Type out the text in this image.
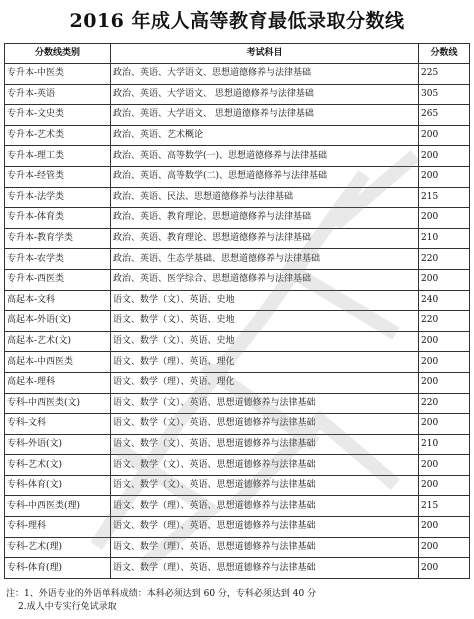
2016 年成人高等教育最低录取分数线
分数线类别	考试科目	分数线
专升本-中医类	政治、英语、大学语文、思想道德修养与法律基础	225
专升本-英语	政治、英语、大学语文、 思想道德修养与法律基础	305
专升本-文史类	政治、英语、大学语文、 思想道德修养与法律基础	265
专升本-艺术类	政治、英语、艺术概论	200
专升本-理工类	政治、英语、高等数学(一)、思想道德修养与法律基础	200
专升本-经管类	政治、英语、高等数学(二)、思想道德修养与法律基础	200
专升本-法学类	政治、英语、民法、思想道德修养与法律基础	215
专升本-体育类	政治、英语、教育理论、思想道德修养与法律基础	200
专升本-教育学类	政治、英语、教育理论、思想道德修养与法律基础	210
专升本-农学类	政治、英语、生态学基础、思想道德修养与法律基础	220
专升本-西医类	政治、英语、医学综合、思想道德修养与法律基础	200
高起本-文科	语文、数学（文）、英语、史地	240
高起本-外语(文)	语文、数学（文）、英语、史地	220
高起本-艺术(文)	语文、数学（文）、英语、史地	200
高起本-中西医类	语文、数学（理）、英语、理化	200
高起本-理科	语文、数学（理）、英语、理化	200
专科-中西医类(文)	语文、数学（文）、英语、思想道德修养与法律基础	220
专科-文科	语文、数学（文）、英语、思想道德修养与法律基础	200
专科-外语(文)	语文、数学（文）、英语、思想道德修养与法律基础	210
专科-艺术(文)	语文、数学（文）、英语、思想道德修养与法律基础	200
专科-体育(文)	语文、数学（文）、英语、思想道德修养与法律基础	200
专科-中西医类(理)	语文、数学（理）、英语、思想道德修养与法律基础	215
专科-理科	语文、数学（理）、英语、思想道德修养与法律基础	200
专科-艺术(理)	语文、数学（理）、英语、思想道德修养与法律基础	200
专科-体育(理)	语文、数学（理）、英语、思想道德修养与法律基础	200
注：1、外语专业的外语单科成绩：本科必须达到 60 分，专科必须达到 40 分
2.成人中专实行免试录取
